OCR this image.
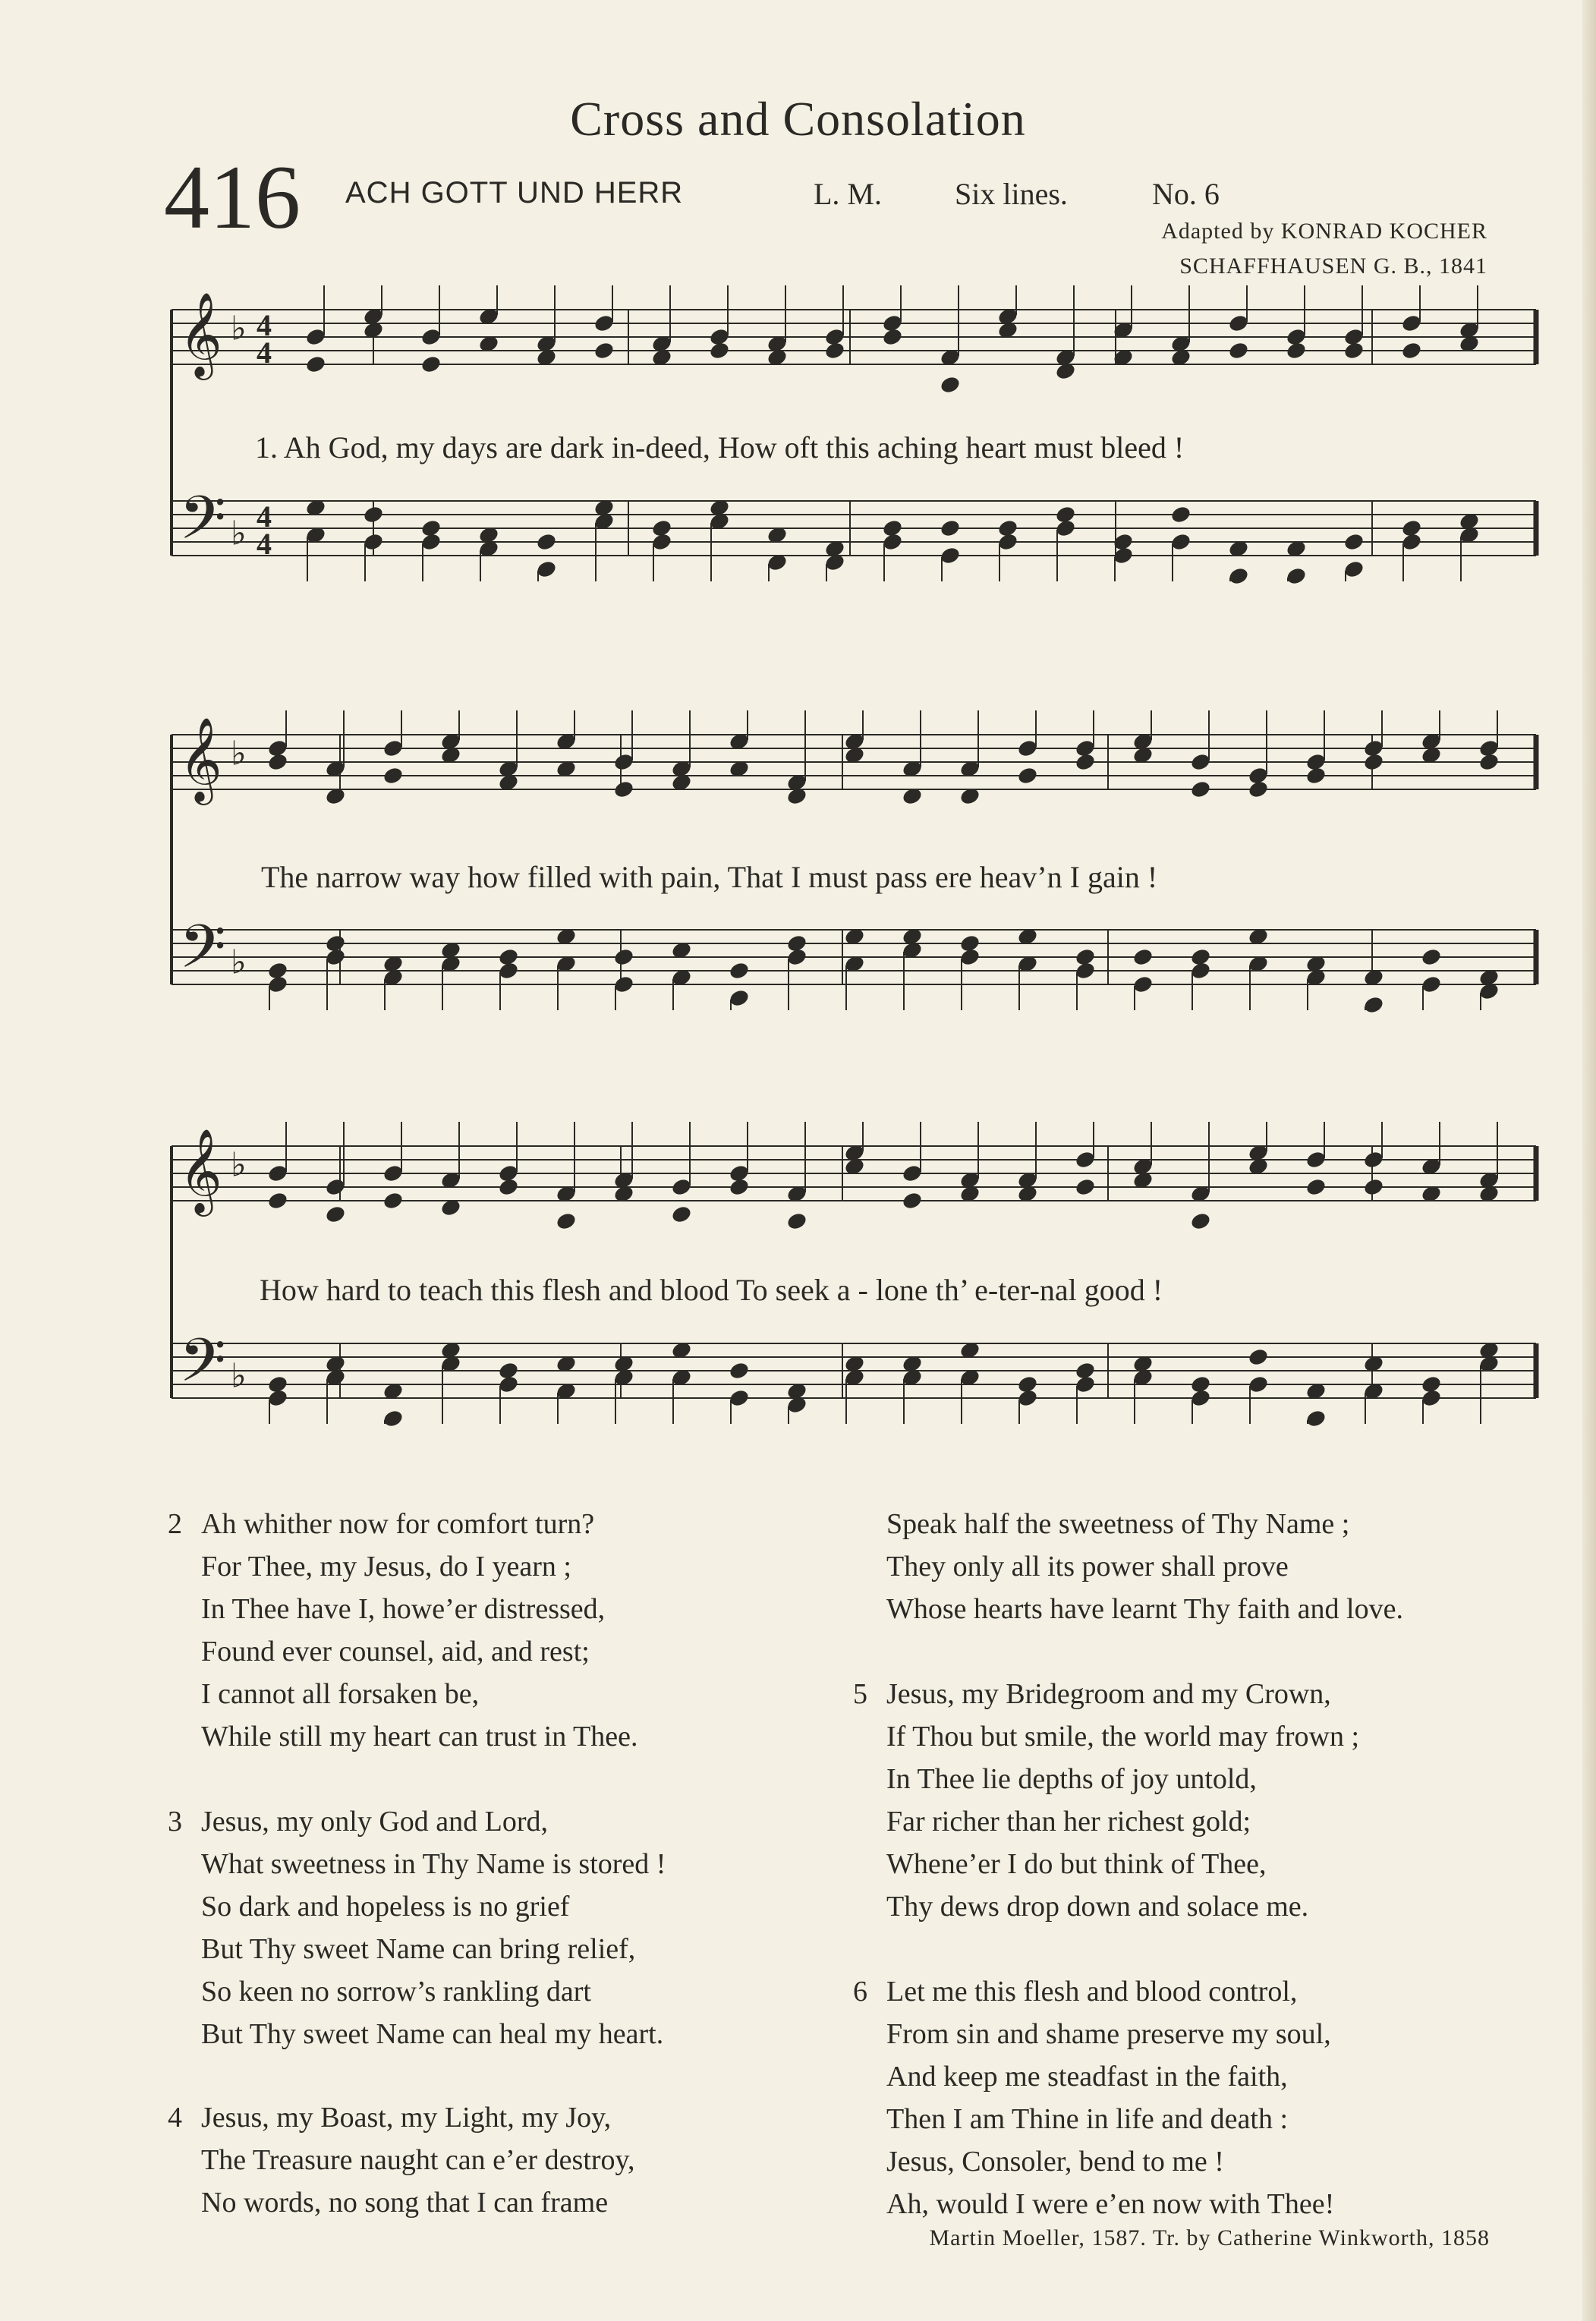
Cross and Consolation
416 ACH GOTT UND HERR	L. M. Six lines.	No. 6
Adapted by KONRAD KOCHER
SCHAFFHAUSEN G. B., 1841
𝄞 ♭ 4
4
𝄢 ♭ 4
4
𝄞 ♭
𝄢 ♭
𝄞 ♭
𝄢 ♭
1. Ah God, my days are dark in-deed, How oft this aching heart must bleed !
The narrow way how filled with pain, That I must pass ere heav’n I gain !
How hard to teach this flesh and blood To seek a - lone th’ e-ter-nal good !
2 Ah whither now for comfort turn?
For Thee, my Jesus, do I yearn ;
In Thee have I, howe’er distressed,
Found ever counsel, aid, and rest;
I cannot all forsaken be,
While still my heart can trust in Thee.
3 Jesus, my only God and Lord,
What sweetness in Thy Name is stored !
So dark and hopeless is no grief
But Thy sweet Name can bring relief,
So keen no sorrow’s rankling dart
But Thy sweet Name can heal my heart.
4 Jesus, my Boast, my Light, my Joy,
The Treasure naught can e’er destroy,
No words, no song that I can frame
Speak half the sweetness of Thy Name ;
They only all its power shall prove
Whose hearts have learnt Thy faith and love.
5 Jesus, my Bridegroom and my Crown,
If Thou but smile, the world may frown ;
In Thee lie depths of joy untold,
Far richer than her richest gold;
Whene’er I do but think of Thee,
Thy dews drop down and solace me.
6 Let me this flesh and blood control,
From sin and shame preserve my soul,
And keep me steadfast in the faith,
Then I am Thine in life and death :
Jesus, Consoler, bend to me !
Ah, would I were e’en now with Thee!
Martin Moeller, 1587. Tr. by Catherine Winkworth, 1858
